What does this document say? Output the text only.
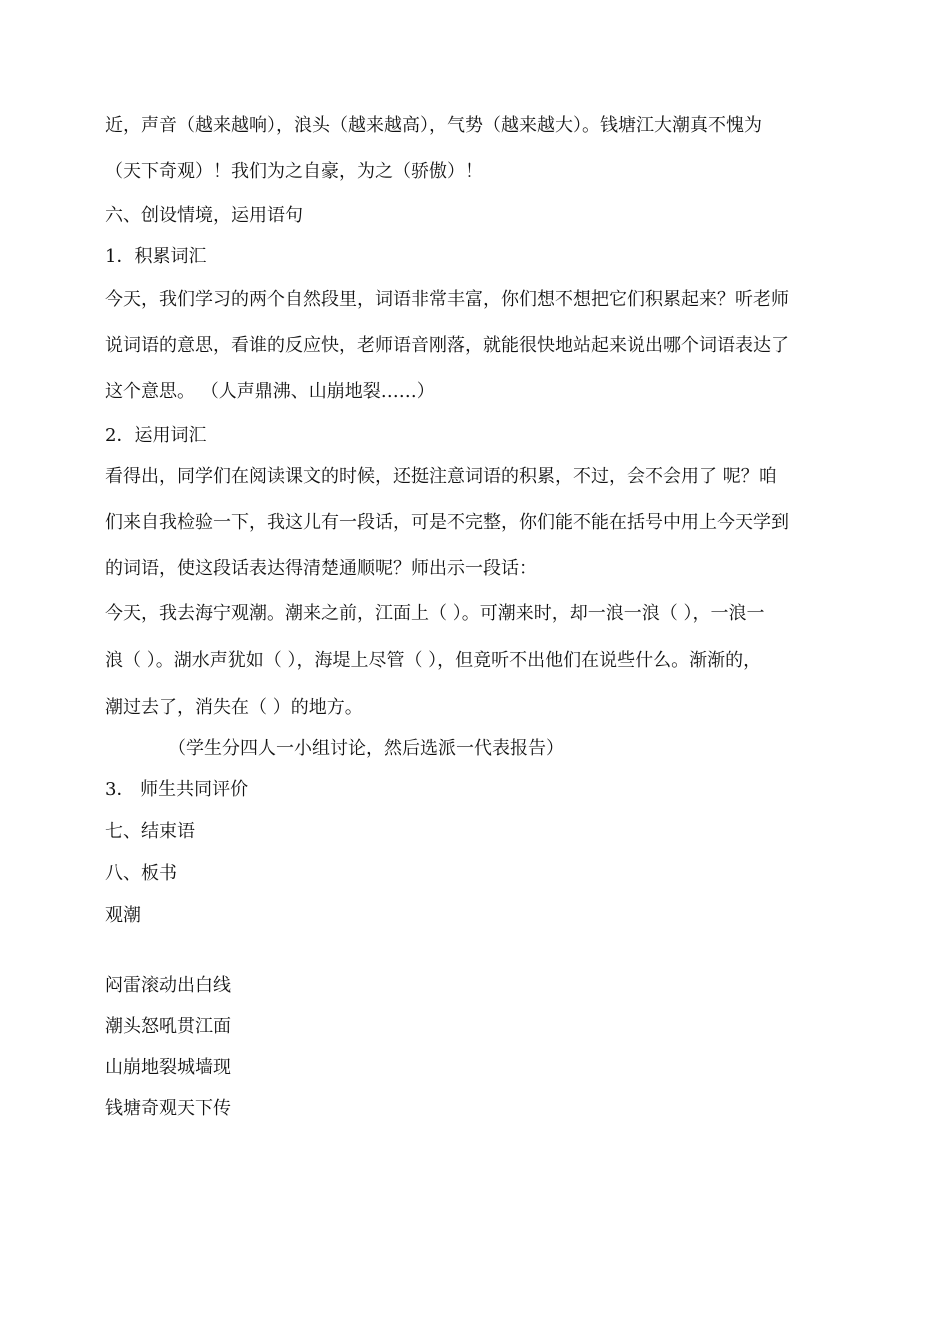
近，声音（越来越响），浪头（越来越高），气势（越来越大）。钱塘江大潮真不愧为
（天下奇观）！我们为之自豪，为之（骄傲）！
六、创设情境，运用语句
1．积累词汇
今天，我们学习的两个自然段里，词语非常丰富，你们想不想把它们积累起来？听老师
说词语的意思，看谁的反应快，老师语音刚落，就能很快地站起来说出哪个词语表达了
这个意思。 （人声鼎沸、山崩地裂……）
2．运用词汇
看得出，同学们在阅读课文的时候，还挺注意词语的积累，不过，会不会用了 呢？咱
们来自我检验一下，我这儿有一段话，可是不完整，你们能不能在括号中用上今天学到
的词语，使这段话表达得清楚通顺呢？师出示一段话：
今天，我去海宁观潮。潮来之前，江面上（ ）。可潮来时，却一浪一浪（ ），一浪一
浪（ ）。湖水声犹如（ ），海堤上尽管（ ），但竟听不出他们在说些什么。渐渐的，
潮过去了，消失在（ ）的地方。
（学生分四人一小组讨论，然后选派一代表报告）
3． 师生共同评价
七、结束语
八、板书
观潮
闷雷滚动出白线
潮头怒吼贯江面
山崩地裂城墙现
钱塘奇观天下传
